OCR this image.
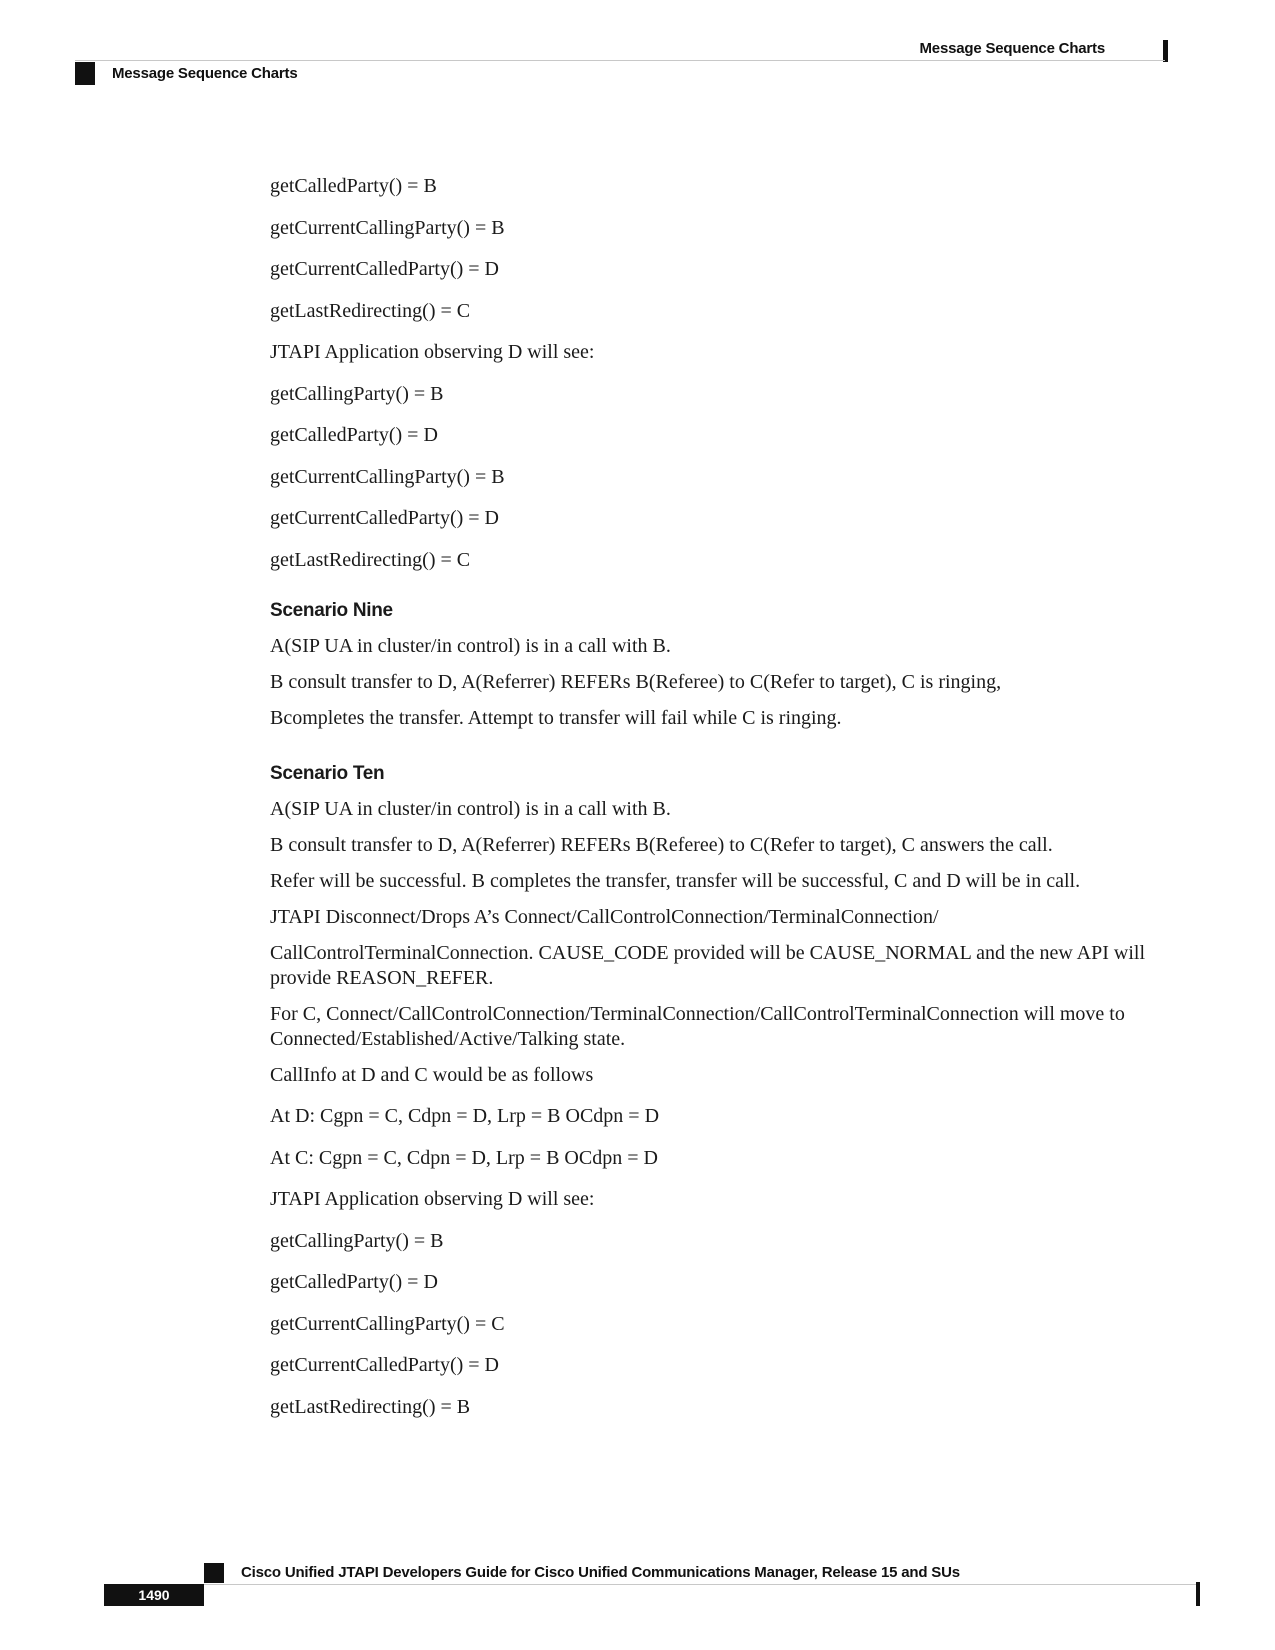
Message Sequence Charts
Message Sequence Charts

getCalledParty() = B

getCurrentCallingParty() = B

getCurrentCalledParty() = D

getLastRedirecting() = C

JTAPI Application observing D will see:

getCallingParty() = B

getCalledParty() = D

getCurrentCallingParty() = B

getCurrentCalledParty() = D

getLastRedirecting() = C

Scenario Nine

A(SIP UA in cluster/in control) is in a call with B.

B consult transfer to D, A(Referrer) REFERs B(Referee) to C(Refer to target), C is ringing,

Bcompletes the transfer. Attempt to transfer will fail while C is ringing.

Scenario Ten

A(SIP UA in cluster/in control) is in a call with B.

B consult transfer to D, A(Referrer) REFERs B(Referee) to C(Refer to target), C answers the call.

Refer will be successful. B completes the transfer, transfer will be successful, C and D will be in call.

JTAPI Disconnect/Drops A’s Connect/CallControlConnection/TerminalConnection/

CallControlTerminalConnection. CAUSE_CODE provided will be CAUSE_NORMAL and the new API will provide REASON_REFER.

For C, Connect/CallControlConnection/TerminalConnection/CallControlTerminalConnection will move to Connected/Established/Active/Talking state.

CallInfo at D and C would be as follows

At D: Cgpn = C, Cdpn = D, Lrp = B OCdpn = D

At C: Cgpn = C, Cdpn = D, Lrp = B OCdpn = D

JTAPI Application observing D will see:

getCallingParty() = B

getCalledParty() = D

getCurrentCallingParty() = C

getCurrentCalledParty() = D

getLastRedirecting() = B

Cisco Unified JTAPI Developers Guide for Cisco Unified Communications Manager, Release 15 and SUs
1490
